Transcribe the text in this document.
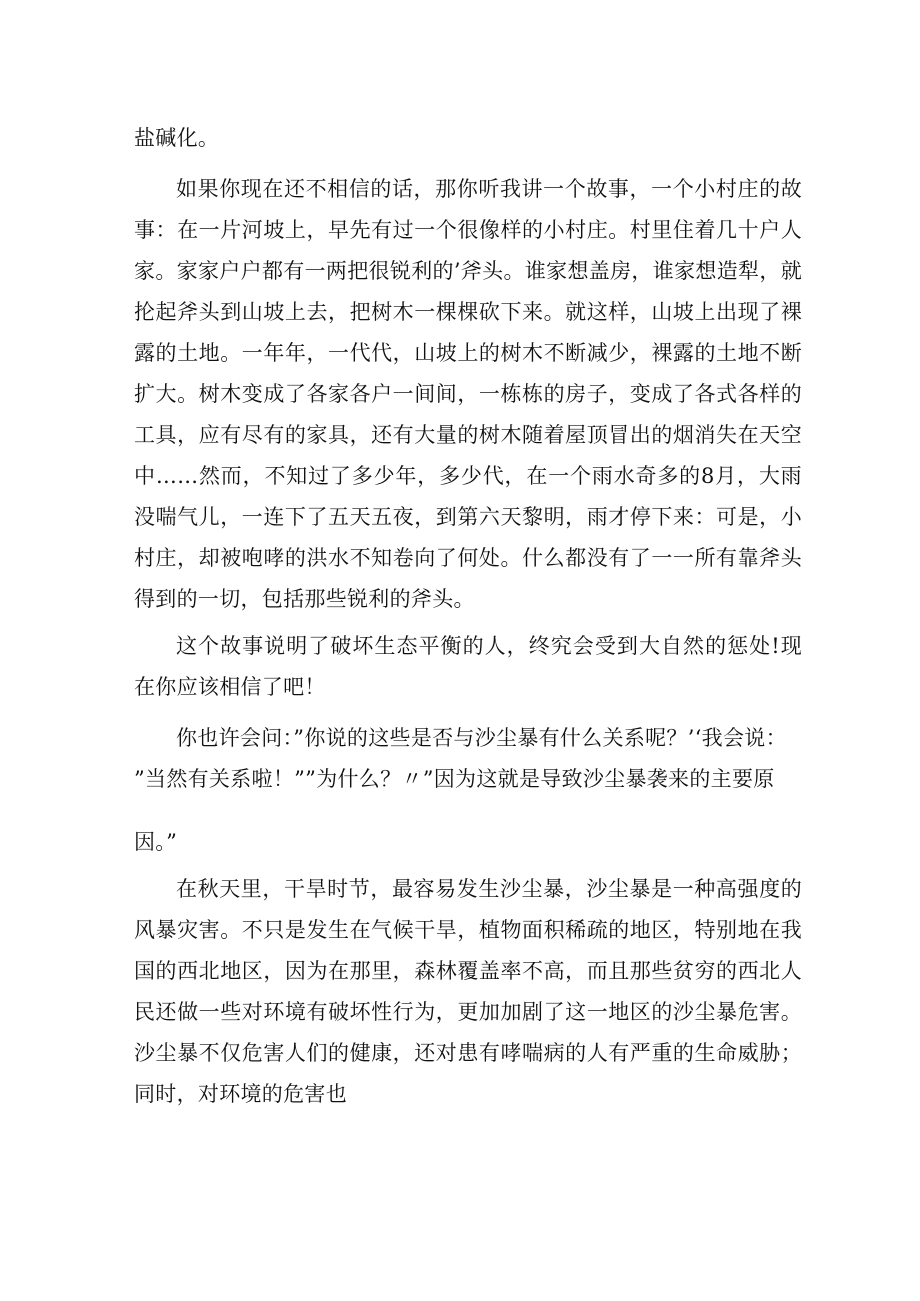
盐碱化。

如果你现在还不相信的话，那你听我讲一个故事，一个小村庄的故事：在一片河坡上，早先有过一个很像样的小村庄。村里住着几十户人家。家家户户都有一两把很锐利的’斧头。谁家想盖房，谁家想造犁，就抡起斧头到山坡上去，把树木一棵棵砍下来。就这样，山坡上出现了裸露的土地。一年年，一代代，山坡上的树木不断减少，裸露的土地不断扩大。树木变成了各家各户一间间，一栋栋的房子，变成了各式各样的工具，应有尽有的家具，还有大量的树木随着屋顶冒出的烟消失在天空中……然而，不知过了多少年，多少代，在一个雨水奇多的8月，大雨没喘气儿，一连下了五天五夜，到第六天黎明，雨才停下来：可是，小村庄，却被咆哮的洪水不知卷向了何处。什么都没有了一一所有靠斧头得到的一切，包括那些锐利的斧头。

这个故事说明了破坏生态平衡的人，终究会受到大自然的惩处!现在你应该相信了吧！

你也许会问：”你说的这些是否与沙尘暴有什么关系呢？’‘我会说：

”当然有关系啦！””为什么？〃”因为这就是导致沙尘暴袭来的主要原

因。”

在秋天里，干旱时节，最容易发生沙尘暴，沙尘暴是一种高强度的风暴灾害。不只是发生在气候干旱，植物面积稀疏的地区，特别地在我国的西北地区，因为在那里，森林覆盖率不高，而且那些贫穷的西北人民还做一些对环境有破坏性行为，更加加剧了这一地区的沙尘暴危害。沙尘暴不仅危害人们的健康，还对患有哮喘病的人有严重的生命威胁；同时，对环境的危害也
